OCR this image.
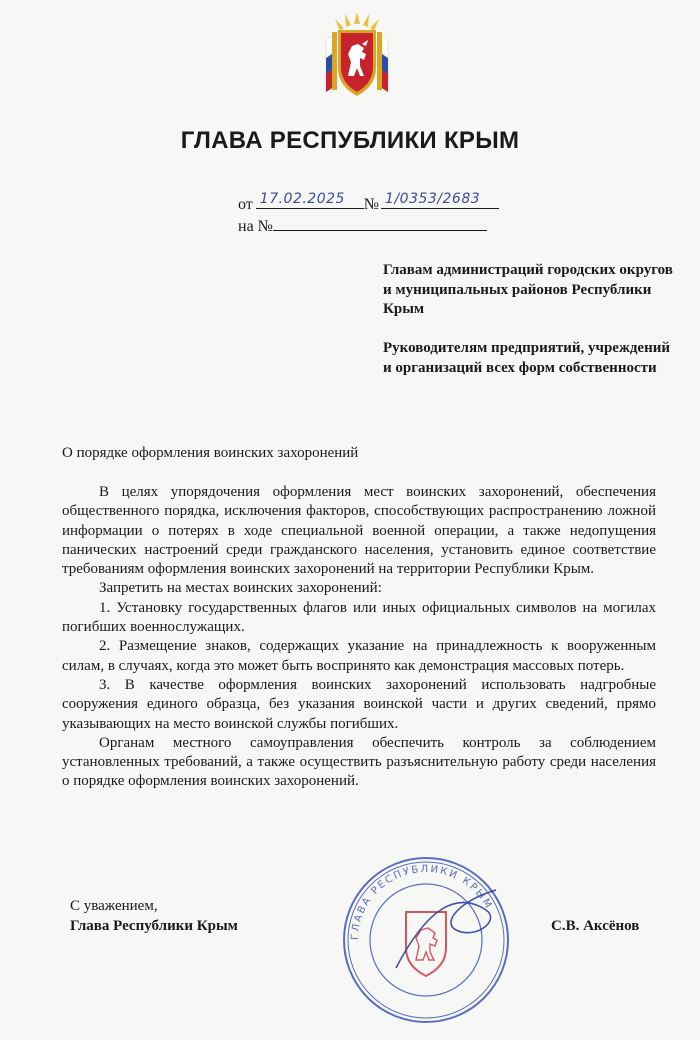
ГЛАВА РЕСПУБЛИКИ КРЫМ
от 17.02.2025 № 1/0353/2683
на №
Главам администраций городских округов и муниципальных районов Республики Крым
Руководителям предприятий, учреждений и организаций всех форм собственности
О порядке оформления воинских захоронений

В целях упорядочения оформления мест воинских захоронений, обеспечения общественного порядка, исключения факторов, способствующих распространению ложной информации о потерях в ходе специальной военной операции, а также недопущения панических настроений среди гражданского населения, установить единое соответствие требованиям оформления воинских захоронений на территории Республики Крым.

Запретить на местах воинских захоронений:

1. Установку государственных флагов или иных официальных символов на могилах погибших военнослужащих.

2. Размещение знаков, содержащих указание на принадлежность к вооруженным силам, в случаях, когда это может быть воспринято как демонстрация массовых потерь.

3. В качестве оформления воинских захоронений использовать надгробные сооружения единого образца, без указания воинской части и других сведений, прямо указывающих на место воинской службы погибших.

Органам местного самоуправления обеспечить контроль за соблюдением установленных требований, а также осуществить разъяснительную работу среди населения о порядке оформления воинских захоронений.

С уважением,
Глава Республики Крым	С.В. Аксёнов
ГЛАВА РЕСПУБЛИКИ КРЫМ
